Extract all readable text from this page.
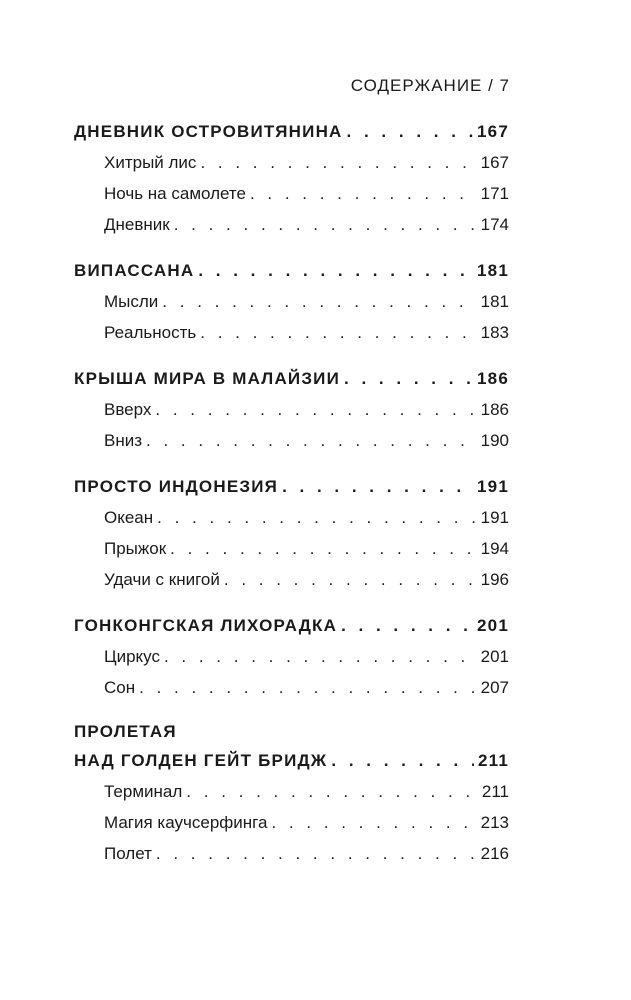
СОДЕРЖАНИЕ / 7
ДНЕВНИК ОСТРОВИТЯНИНА . . .	167
Хитрый лис . . .	167
Ночь на самолете . . .	171
Дневник . . .	174
ВИПАССАНА . . .	181
Мысли . . .	181
Реальность . . .	183
КРЫША МИРА В МАЛАЙЗИИ . . .	186
Вверх . . .	186
Вниз . . .	190
ПРОСТО ИНДОНЕЗИЯ . . .	191
Океан . . .	191
Прыжок . . .	194
Удачи с книгой . . .	196
ГОНКОНГСКАЯ ЛИХОРАДКА . . .	201
Циркус . . .	201
Сон . . .	207
ПРОЛЕТАЯ
НАД ГОЛДЕН ГЕЙТ БРИДЖ . . .	211
Терминал . . .	211
Магия каучсерфинга . . .	213
Полет . . .	216
